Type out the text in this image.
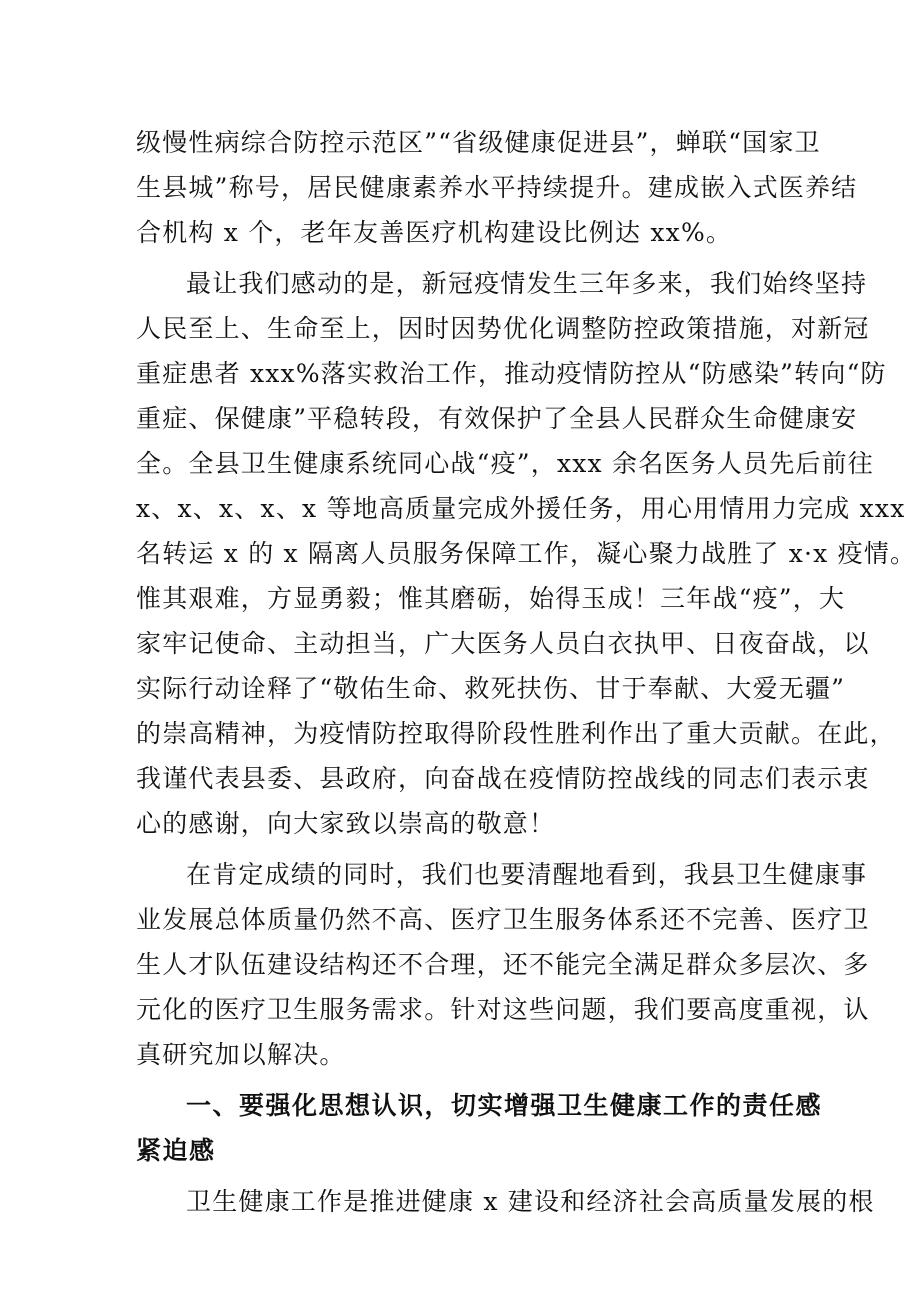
级慢性病综合防控示范区”“省级健康促进县”，蝉联“国家卫
生县城”称号，居民健康素养水平持续提升。建成嵌入式医养结
合机构 x 个，老年友善医疗机构建设比例达 xx%。
最让我们感动的是，新冠疫情发生三年多来，我们始终坚持
人民至上、生命至上，因时因势优化调整防控政策措施，对新冠
重症患者 xxx%落实救治工作，推动疫情防控从“防感染”转向“防
重症、保健康”平稳转段，有效保护了全县人民群众生命健康安
全。全县卫生健康系统同心战“疫”，xxx 余名医务人员先后前往
x、x、x、x、x 等地高质量完成外援任务，用心用情用力完成 xxx
名转运 x 的 x 隔离人员服务保障工作，凝心聚力战胜了 x·x 疫情。
惟其艰难，方显勇毅；惟其磨砺，始得玉成！三年战“疫”，大
家牢记使命、主动担当，广大医务人员白衣执甲、日夜奋战，以
实际行动诠释了“敬佑生命、救死扶伤、甘于奉献、大爱无疆”
的崇高精神，为疫情防控取得阶段性胜利作出了重大贡献。在此，
我谨代表县委、县政府，向奋战在疫情防控战线的同志们表示衷
心的感谢，向大家致以崇高的敬意！
在肯定成绩的同时，我们也要清醒地看到，我县卫生健康事
业发展总体质量仍然不高、医疗卫生服务体系还不完善、医疗卫
生人才队伍建设结构还不合理，还不能完全满足群众多层次、多
元化的医疗卫生服务需求。针对这些问题，我们要高度重视，认
真研究加以解决。
一、要强化思想认识，切实增强卫生健康工作的责任感
紧迫感
卫生健康工作是推进健康 x 建设和经济社会高质量发展的根
